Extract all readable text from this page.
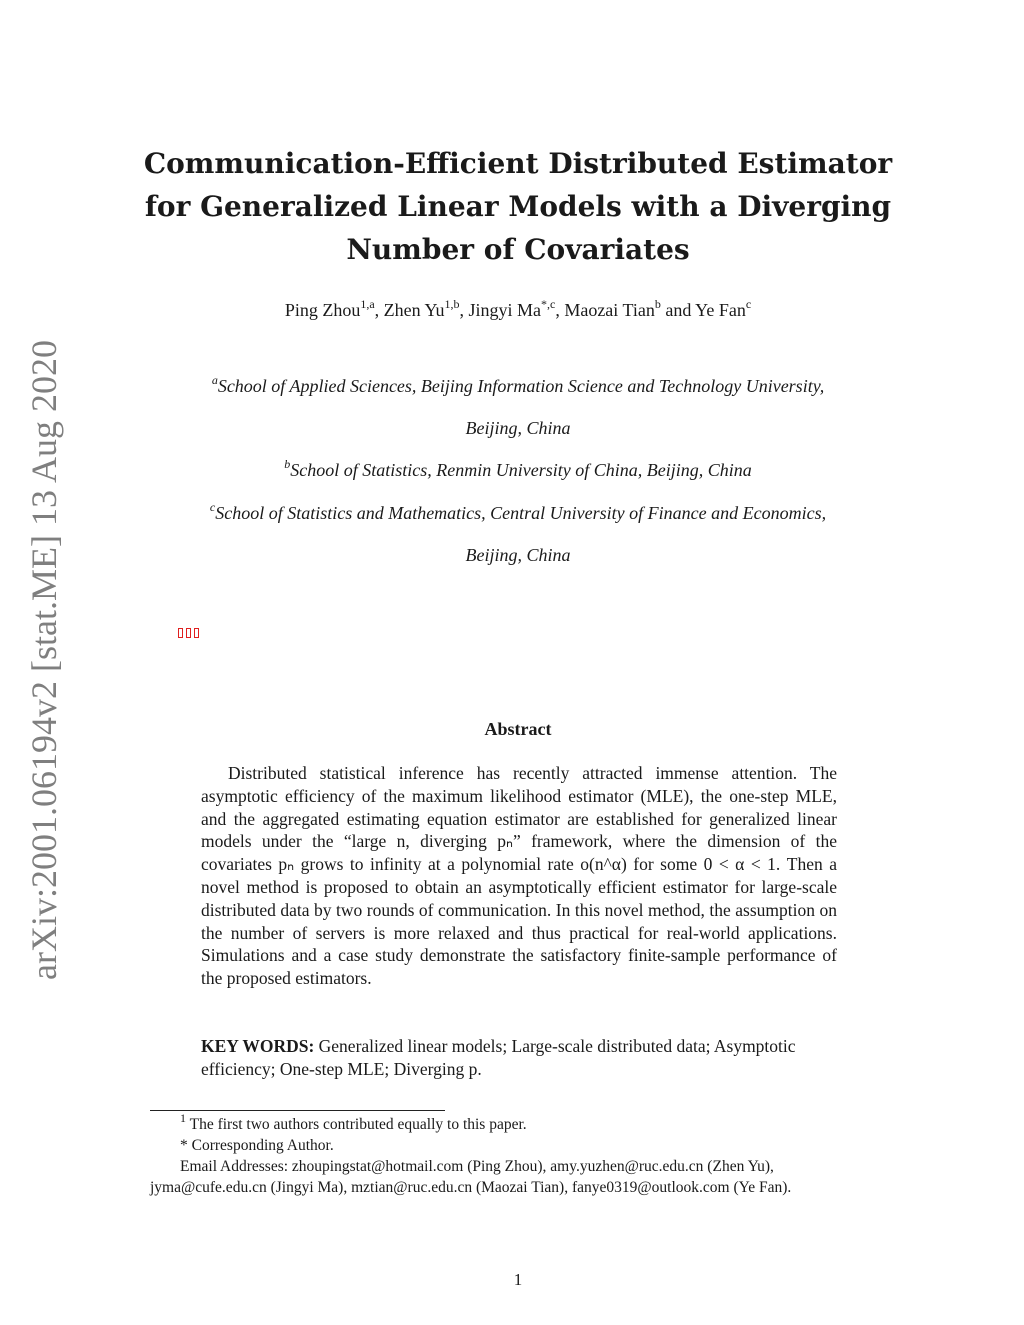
arXiv:2001.06194v2 [stat.ME] 13 Aug 2020
Communication-Efficient Distributed Estimator for Generalized Linear Models with a Diverging Number of Covariates
Ping Zhou$^{1,a}$, Zhen Yu$^{1,b}$, Jingyi $Ma^{*,c}$, Maozai Tian$^b$ and Ye Fan$^c$
$^a$School of Applied Sciences, Beijing Information Science and Technology University,
Beijing, China
$^b$School of Statistics, Renmin University of China, Beijing, China
$^c$School of Statistics and Mathematics, Central University of Finance and Economics,
Beijing, China
Abstract
Distributed statistical inference has recently attracted immense attention. The asymptotic efficiency of the maximum likelihood estimator (MLE), the one-step MLE, and the aggregated estimating equation estimator are established for generalized linear models under the “large n, diverging pₙ” framework, where the dimension of the covariates pₙ grows to infinity at a polynomial rate o(n^α) for some 0 < α < 1. Then a novel method is proposed to obtain an asymptotically efficient estimator for large-scale distributed data by two rounds of communication. In this novel method, the assumption on the number of servers is more relaxed and thus practical for real-world applications. Simulations and a case study demonstrate the satisfactory finite-sample performance of the proposed estimators.
KEY WORDS: Generalized linear models; Large-scale distributed data; Asymptotic efficiency; One-step MLE; Diverging p.
$^1$ The first two authors contributed equally to this paper.
* Corresponding Author.
Email Addresses: zhoupingstat@hotmail.com (Ping Zhou), amy.yuzhen@ruc.edu.cn (Zhen Yu),
jyma@cufe.edu.cn (Jingyi Ma), mztian@ruc.edu.cn (Maozai Tian), fanye0319@outlook.com (Ye Fan).
1
